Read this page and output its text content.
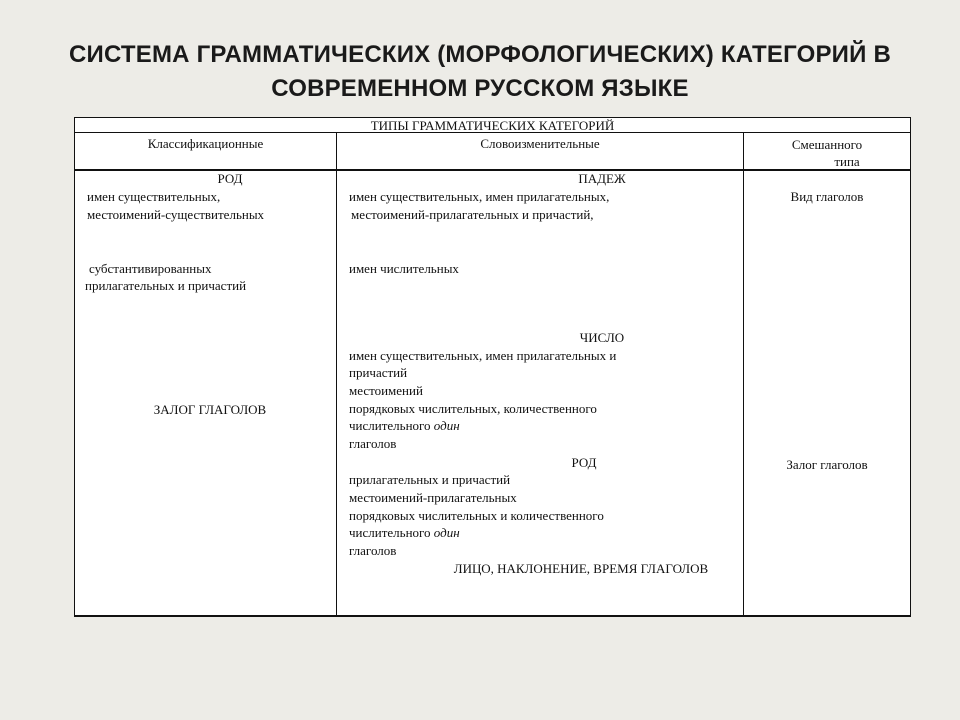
СИСТЕМА ГРАММАТИЧЕСКИХ (МОРФОЛОГИЧЕСКИХ) КАТЕГОРИЙ В
СОВРЕМЕННОМ РУССКОМ ЯЗЫКЕ
ТИПЫ ГРАММАТИЧЕСКИХ КАТЕГОРИЙ
Классификационные	Словоизменительные	Смешанного
типа
РОД
имен существительных,
местоимений-существительных
субстантивированных
прилагательных и причастий
ЗАЛОГ ГЛАГОЛОВ
ПАДЕЖ
имен существительных, имен прилагательных,
местоимений-прилагательных и причастий,
имен числительных
ЧИСЛО
имен существительных, имен прилагательных и
причастий
местоимений
порядковых числительных, количественного
числительного один
глаголов
РОД
прилагательных и причастий
местоимений-прилагательных
порядковых числительных и количественного
числительного один
глаголов
ЛИЦО, НАКЛОНЕНИЕ, ВРЕМЯ ГЛАГОЛОВ
Вид глаголов
Залог глаголов
